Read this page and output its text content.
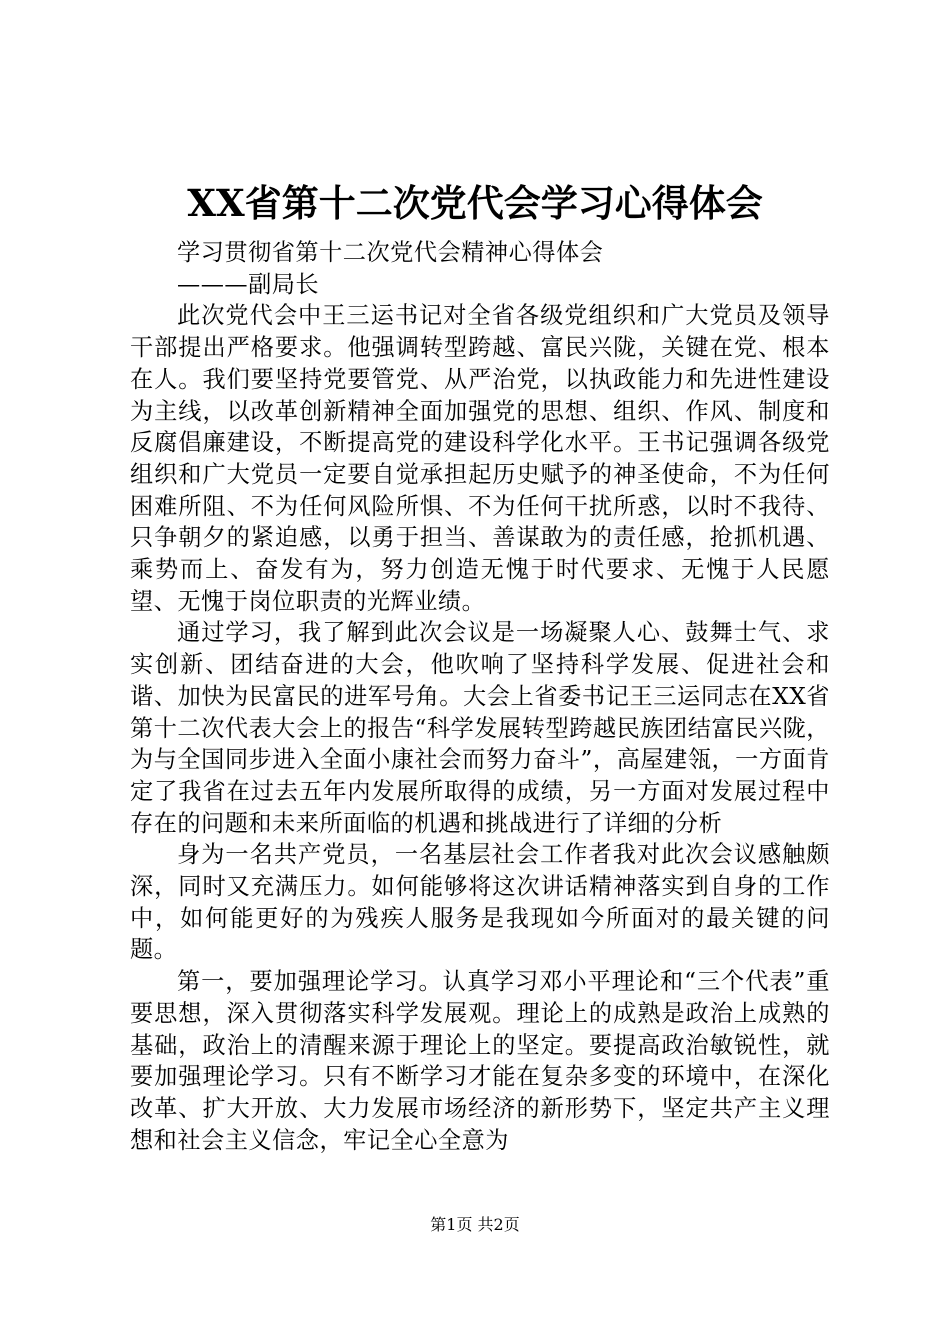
XX省第十二次党代会学习心得体会
学习贯彻省第十二次党代会精神心得体会
———副局长

此次党代会中王三运书记对全省各级党组织和广大党员及领导干部提出严格要求。他强调转型跨越、富民兴陇，关键在党、根本在人。我们要坚持党要管党、从严治党，以执政能力和先进性建设为主线，以改革创新精神全面加强党的思想、组织、作风、制度和反腐倡廉建设，不断提高党的建设科学化水平。王书记强调各级党组织和广大党员一定要自觉承担起历史赋予的神圣使命，不为任何困难所阻、不为任何风险所惧、不为任何干扰所惑，以时不我待、只争朝夕的紧迫感，以勇于担当、善谋敢为的责任感，抢抓机遇、乘势而上、奋发有为，努力创造无愧于时代要求、无愧于人民愿望、无愧于岗位职责的光辉业绩。

通过学习，我了解到此次会议是一场凝聚人心、鼓舞士气、求实创新、团结奋进的大会，他吹响了坚持科学发展、促进社会和谐、加快为民富民的进军号角。大会上省委书记王三运同志在XX省第十二次代表大会上的报告“科学发展转型跨越民族团结富民兴陇，为与全国同步进入全面小康社会而努力奋斗”，高屋建瓴，一方面肯定了我省在过去五年内发展所取得的成绩，另一方面对发展过程中存在的问题和未来所面临的机遇和挑战进行了详细的分析

身为一名共产党员，一名基层社会工作者我对此次会议感触颇深，同时又充满压力。如何能够将这次讲话精神落实到自身的工作中，如何能更好的为残疾人服务是我现如今所面对的最关键的问题。

第一，要加强理论学习。认真学习邓小平理论和“三个代表”重要思想，深入贯彻落实科学发展观。理论上的成熟是政治上成熟的基础，政治上的清醒来源于理论上的坚定。要提高政治敏锐性，就要加强理论学习。只有不断学习才能在复杂多变的环境中，在深化改革、扩大开放、大力发展市场经济的新形势下，坚定共产主义理想和社会主义信念，牢记全心全意为

第1页 共2页
